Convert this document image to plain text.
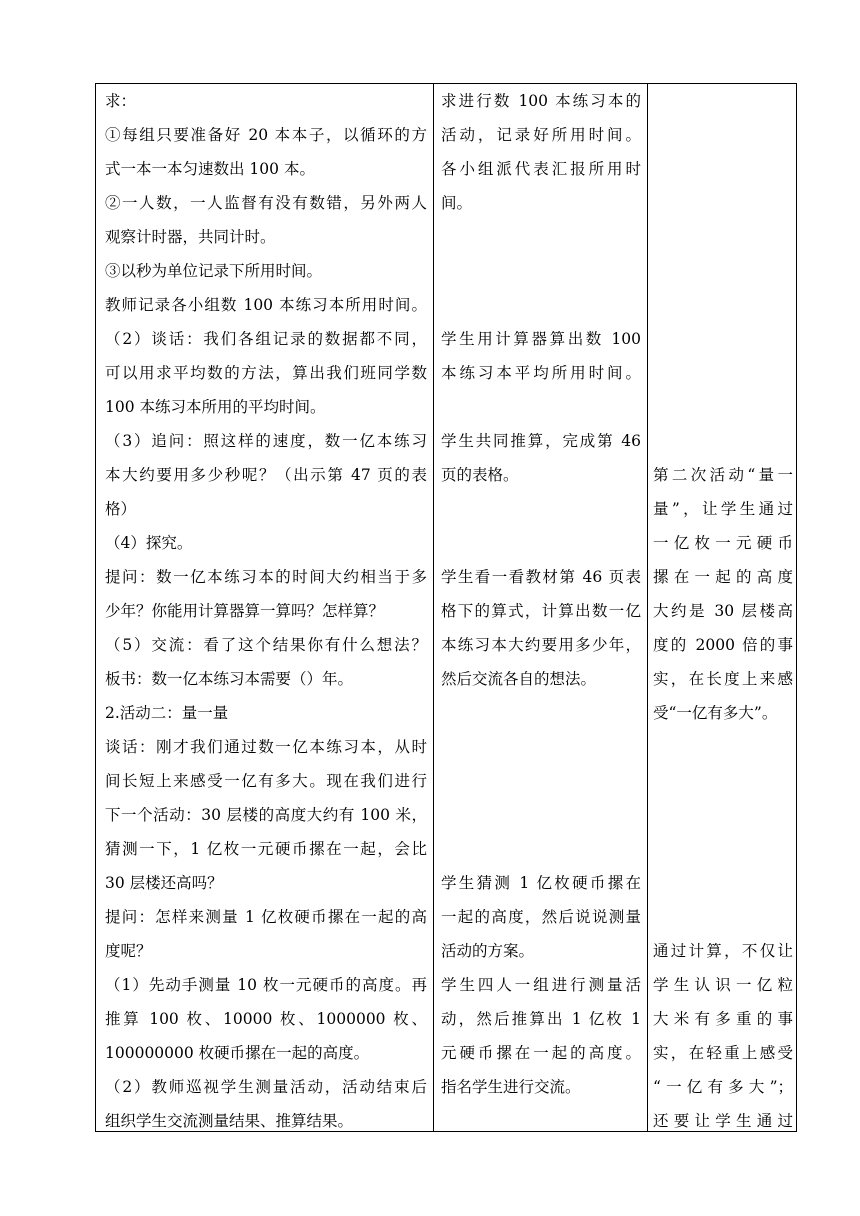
求：
①每组只要准备好 20 本本子，以循环的方
式一本一本匀速数出 100 本。
②一人数，一人监督有没有数错，另外两人
观察计时器，共同计时。
③以秒为单位记录下所用时间。
教师记录各小组数 100 本练习本所用时间。
（2）谈话：我们各组记录的数据都不同，
可以用求平均数的方法，算出我们班同学数
100 本练习本所用的平均时间。
（3）追问：照这样的速度，数一亿本练习
本大约要用多少秒呢？（出示第 47 页的表
格）
（4）探究。
提问：数一亿本练习本的时间大约相当于多
少年？你能用计算器算一算吗？怎样算？
（5）交流：看了这个结果你有什么想法？
板书：数一亿本练习本需要（）年。
2.活动二：量一量
谈话：刚才我们通过数一亿本练习本，从时
间长短上来感受一亿有多大。现在我们进行
下一个活动：30 层楼的高度大约有 100 米，
猜测一下，1 亿枚一元硬币摞在一起，会比
30 层楼还高吗？
提问：怎样来测量 1 亿枚硬币摞在一起的高
度呢？
（1）先动手测量 10 枚一元硬币的高度。再
推算 100 枚、10000 枚、1000000 枚、
100000000 枚硬币摞在一起的高度。
（2）教师巡视学生测量活动，活动结束后
组织学生交流测量结果、推算结果。
求进行数 100 本练习本的
活动，记录好所用时间。
各小组派代表汇报所用时
间。
学生用计算器算出数 100
本练习本平均所用时间。
学生共同推算，完成第 46
页的表格。
学生看一看教材第 46 页表
格下的算式，计算出数一亿
本练习本大约要用多少年，
然后交流各自的想法。
学生猜测 1 亿枚硬币摞在
一起的高度，然后说说测量
活动的方案。
学生四人一组进行测量活
动，然后推算出 1 亿枚 1
元硬币摞在一起的高度。
指名学生进行交流。
第二次活动“量一
量”，让学生通过
一亿枚一元硬币
摞在一起的高度
大约是 30 层楼高
度的 2000 倍的事
实，在长度上来感
受“一亿有多大”。
通过计算，不仅让
学生认识一亿粒
大米有多重的事
实，在轻重上感受
“一亿有多大”；
还要让学生通过
